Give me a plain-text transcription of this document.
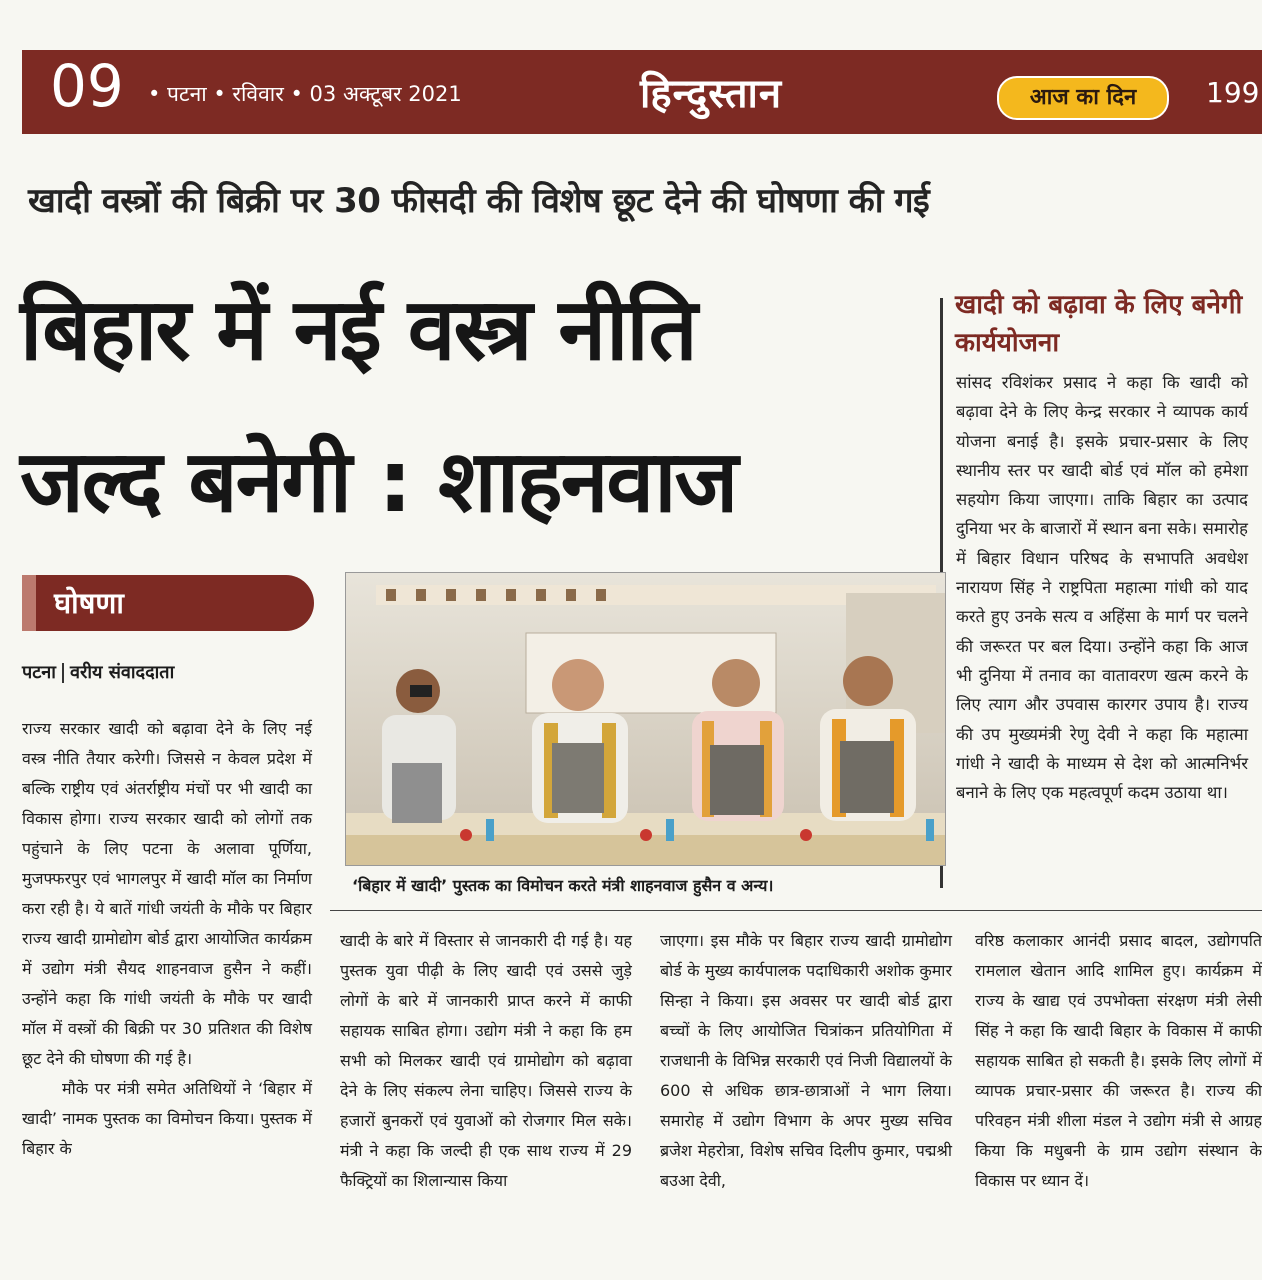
09 • पटना • रविवार • 03 अक्टूबर 2021	हिन्दुस्तान	आज का दिन	199
खादी वस्त्रों की बिक्री पर 30 फीसदी की विशेष छूट देने की घोषणा की गई
बिहार में नई वस्त्र नीति
जल्द बनेगी : शाहनवाज
खादी को बढ़ावा के लिए बनेगी कार्ययोजना
सांसद रविशंकर प्रसाद ने कहा कि खादी को बढ़ावा देने के लिए केन्द्र सरकार ने व्यापक कार्य योजना बनाई है। इसके प्रचार-प्रसार के लिए स्थानीय स्तर पर खादी बोर्ड एवं मॉल को हमेशा सहयोग किया जाएगा। ताकि बिहार का उत्पाद दुनिया भर के बाजारों में स्थान बना सके। समारोह में बिहार विधान परिषद के सभापति अवधेश नारायण सिंह ने राष्ट्रपिता महात्मा गांधी को याद करते हुए उनके सत्य व अहिंसा के मार्ग पर चलने की जरूरत पर बल दिया। उन्होंने कहा कि आज भी दुनिया में तनाव का वातावरण खत्म करने के लिए त्याग और उपवास कारगर उपाय है। राज्य की उप मुख्यमंत्री रेणु देवी ने कहा कि महात्मा गांधी ने खादी के माध्यम से देश को आत्मनिर्भर बनाने के लिए एक महत्वपूर्ण कदम उठाया था।
घोषणा
पटना वरीय संवाददाता

राज्य सरकार खादी को बढ़ावा देने के लिए नई वस्त्र नीति तैयार करेगी। जिससे न केवल प्रदेश में बल्कि राष्ट्रीय एवं अंतर्राष्ट्रीय मंचों पर भी खादी का विकास होगा। राज्य सरकार खादी को लोगों तक पहुंचाने के लिए पटना के अलावा पूर्णिया, मुजफ्फरपुर एवं भागलपुर में खादी मॉल का निर्माण करा रही है। ये बातें गांधी जयंती के मौके पर बिहार राज्य खादी ग्रामोद्योग बोर्ड द्वारा आयोजित कार्यक्रम में उद्योग मंत्री सैयद शाहनवाज हुसैन ने कहीं। उन्होंने कहा कि गांधी जयंती के मौके पर खादी मॉल में वस्त्रों की बिक्री पर 30 प्रतिशत की विशेष छूट देने की घोषणा की गई है।

मौके पर मंत्री समेत अतिथियों ने ‘बिहार में खादी’ नामक पुस्तक का विमोचन किया। पुस्तक में बिहार के

‘बिहार में खादी’ पुस्तक का विमोचन करते मंत्री शाहनवाज हुसैन व अन्य।
खादी के बारे में विस्तार से जानकारी दी गई है। यह पुस्तक युवा पीढ़ी के लिए खादी एवं उससे जुड़े लोगों के बारे में जानकारी प्राप्त करने में काफी सहायक साबित होगा। उद्योग मंत्री ने कहा कि हम सभी को मिलकर खादी एवं ग्रामोद्योग को बढ़ावा देने के लिए संकल्प लेना चाहिए। जिससे राज्य के हजारों बुनकरों एवं युवाओं को रोजगार मिल सके। मंत्री ने कहा कि जल्दी ही एक साथ राज्य में 29 फैक्ट्रियों का शिलान्यास किया
जाएगा। इस मौके पर बिहार राज्य खादी ग्रामोद्योग बोर्ड के मुख्य कार्यपालक पदाधिकारी अशोक कुमार सिन्हा ने किया। इस अवसर पर खादी बोर्ड द्वारा बच्चों के लिए आयोजित चित्रांकन प्रतियोगिता में राजधानी के विभिन्न सरकारी एवं निजी विद्यालयों के 600 से अधिक छात्र-छात्राओं ने भाग लिया। समारोह में उद्योग विभाग के अपर मुख्य सचिव ब्रजेश मेहरोत्रा, विशेष सचिव दिलीप कुमार, पद्मश्री बउआ देवी,
वरिष्ठ कलाकार आनंदी प्रसाद बादल, उद्योगपति रामलाल खेतान आदि शामिल हुए। कार्यक्रम में राज्य के खाद्य एवं उपभोक्ता संरक्षण मंत्री लेसी सिंह ने कहा कि खादी बिहार के विकास में काफी सहायक साबित हो सकती है। इसके लिए लोगों में व्यापक प्रचार-प्रसार की जरूरत है। राज्य की परिवहन मंत्री शीला मंडल ने उद्योग मंत्री से आग्रह किया कि मधुबनी के ग्राम उद्योग संस्थान के विकास पर ध्यान दें।
